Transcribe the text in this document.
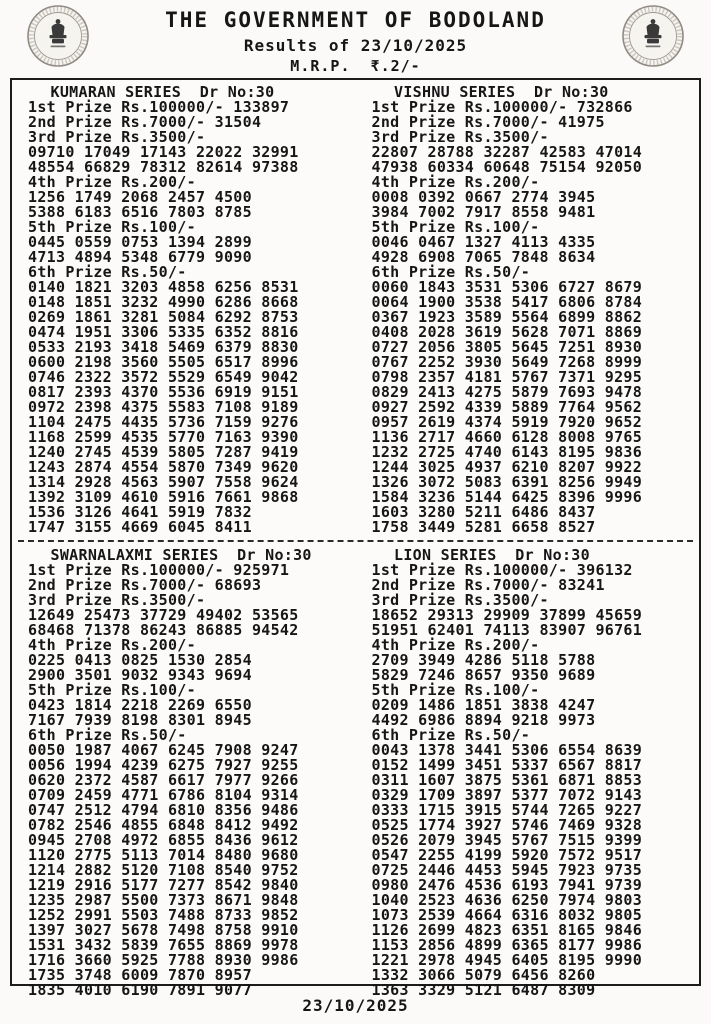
THE GOVERNMENT OF BODOLAND
Results of 23/10/2025
M.R.P.  ₹.2/-
KUMARAN SERIES  Dr No:30
1st Prize Rs.100000/- 133897
2nd Prize Rs.7000/- 31504
3rd Prize Rs.3500/-
09710 17049 17143 22022 32991
48554 66829 78312 82614 97388
4th Prize Rs.200/-
1256 1749 2068 2457 4500
5388 6183 6516 7803 8785
5th Prize Rs.100/-
0445 0559 0753 1394 2899
4713 4894 5348 6779 9090
6th Prize Rs.50/-
0140 1821 3203 4858 6256 8531
0148 1851 3232 4990 6286 8668
0269 1861 3281 5084 6292 8753
0474 1951 3306 5335 6352 8816
0533 2193 3418 5469 6379 8830
0600 2198 3560 5505 6517 8996
0746 2322 3572 5529 6549 9042
0817 2393 4370 5536 6919 9151
0972 2398 4375 5583 7108 9189
1104 2475 4435 5736 7159 9276
1168 2599 4535 5770 7163 9390
1240 2745 4539 5805 7287 9419
1243 2874 4554 5870 7349 9620
1314 2928 4563 5907 7558 9624
1392 3109 4610 5916 7661 9868
1536 3126 4641 5919 7832
1747 3155 4669 6045 8411
VISHNU SERIES  Dr No:30
1st Prize Rs.100000/- 732866
2nd Prize Rs.7000/- 41975
3rd Prize Rs.3500/-
22807 28788 32287 42583 47014
47938 60334 60648 75154 92050
4th Prize Rs.200/-
0008 0392 0667 2774 3945
3984 7002 7917 8558 9481
5th Prize Rs.100/-
0046 0467 1327 4113 4335
4928 6908 7065 7848 8634
6th Prize Rs.50/-
0060 1843 3531 5306 6727 8679
0064 1900 3538 5417 6806 8784
0367 1923 3589 5564 6899 8862
0408 2028 3619 5628 7071 8869
0727 2056 3805 5645 7251 8930
0767 2252 3930 5649 7268 8999
0798 2357 4181 5767 7371 9295
0829 2413 4275 5879 7693 9478
0927 2592 4339 5889 7764 9562
0957 2619 4374 5919 7920 9652
1136 2717 4660 6128 8008 9765
1232 2725 4740 6143 8195 9836
1244 3025 4937 6210 8207 9922
1326 3072 5083 6391 8256 9949
1584 3236 5144 6425 8396 9996
1603 3280 5211 6486 8437
1758 3449 5281 6658 8527
SWARNALAXMI SERIES  Dr No:30
1st Prize Rs.100000/- 925971
2nd Prize Rs.7000/- 68693
3rd Prize Rs.3500/-
12649 25473 37729 49402 53565
68468 71378 86243 86885 94542
4th Prize Rs.200/-
0225 0413 0825 1530 2854
2900 3501 9032 9343 9694
5th Prize Rs.100/-
0423 1814 2218 2269 6550
7167 7939 8198 8301 8945
6th Prize Rs.50/-
0050 1987 4067 6245 7908 9247
0056 1994 4239 6275 7927 9255
0620 2372 4587 6617 7977 9266
0709 2459 4771 6786 8104 9314
0747 2512 4794 6810 8356 9486
0782 2546 4855 6848 8412 9492
0945 2708 4972 6855 8436 9612
1120 2775 5113 7014 8480 9680
1214 2882 5120 7108 8540 9752
1219 2916 5177 7277 8542 9840
1235 2987 5500 7373 8671 9848
1252 2991 5503 7488 8733 9852
1397 3027 5678 7498 8758 9910
1531 3432 5839 7655 8869 9978
1716 3660 5925 7788 8930 9986
1735 3748 6009 7870 8957
1835 4010 6190 7891 9077
LION SERIES  Dr No:30
1st Prize Rs.100000/- 396132
2nd Prize Rs.7000/- 83241
3rd Prize Rs.3500/-
18652 29313 29909 37899 45659
51951 62401 74113 83907 96761
4th Prize Rs.200/-
2709 3949 4286 5118 5788
5829 7246 8657 9350 9689
5th Prize Rs.100/-
0209 1486 1851 3838 4247
4492 6986 8894 9218 9973
6th Prize Rs.50/-
0043 1378 3441 5306 6554 8639
0152 1499 3451 5337 6567 8817
0311 1607 3875 5361 6871 8853
0329 1709 3897 5377 7072 9143
0333 1715 3915 5744 7265 9227
0525 1774 3927 5746 7469 9328
0526 2079 3945 5767 7515 9399
0547 2255 4199 5920 7572 9517
0725 2446 4453 5945 7923 9735
0980 2476 4536 6193 7941 9739
1040 2523 4636 6250 7974 9803
1073 2539 4664 6316 8032 9805
1126 2699 4823 6351 8165 9846
1153 2856 4899 6365 8177 9986
1221 2978 4945 6405 8195 9990
1332 3066 5079 6456 8260
1363 3329 5121 6487 8309
23/10/2025
